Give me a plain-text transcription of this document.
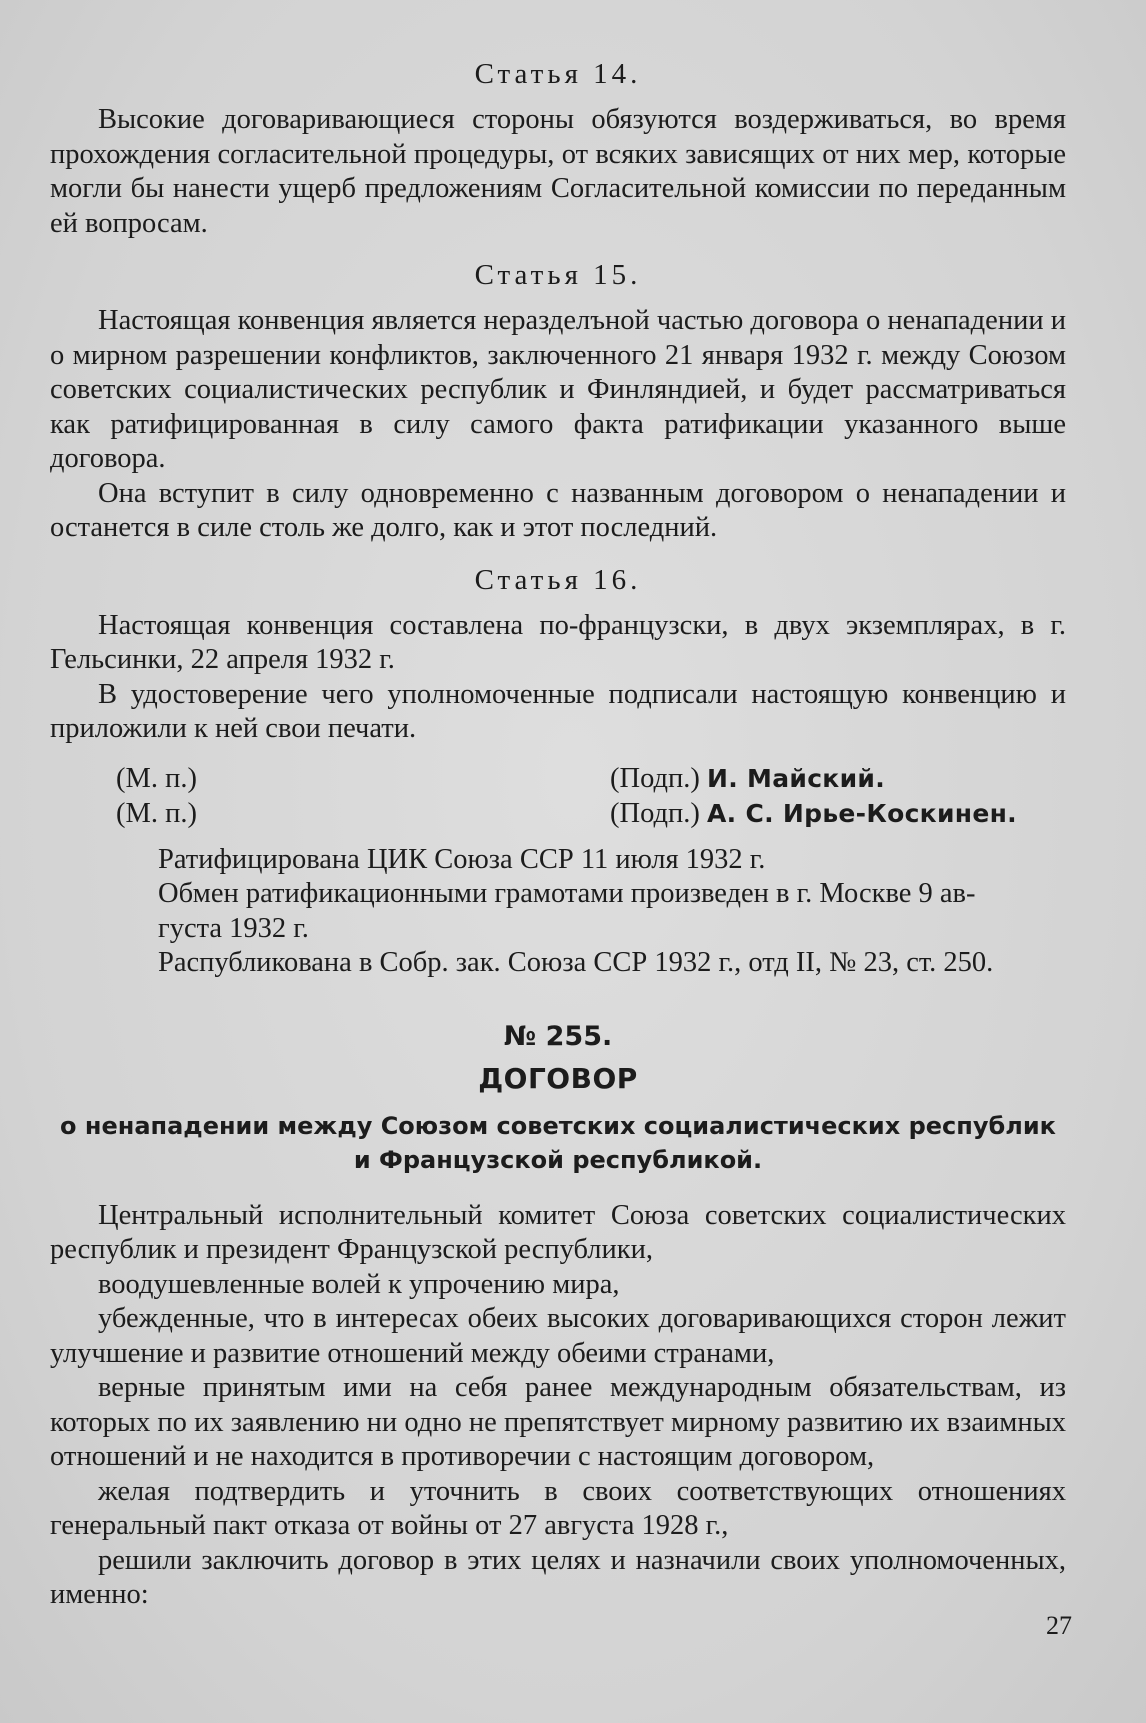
Статья 14.

Высокие договаривающиеся стороны обязуются воздерживаться, во время прохождения согласительной процедуры, от всяких зависящих от них мер, которые могли бы нанести ущерб предложениям Согласительной комиссии по переданным ей вопросам.

Статья 15.

Настоящая конвенция является неразделъной частью договора о ненападении и о мирном разрешении конфликтов, заключенного 21 января 1932 г. между Союзом советских социалистических республик и Финляндией, и будет рассматриваться как ратифицированная в силу самого факта ратификации указанного выше договора.

Она вступит в силу одновременно с названным договором о ненападении и останется в силе столь же долго, как и этот последний.

Статья 16.

Настоящая конвенция составлена по-французски, в двух экземплярах, в г. Гельсинки, 22 апреля 1932 г.

В удостоверение чего уполномоченные подписали настоящую конвенцию и приложили к ней свои печати.

(М. п.)	(Подп.) И. Майский.
(М. п.)	(Подп.) А. С. Ирье-Коскинен.
Ратифицирована ЦИК Союза ССР 11 июля 1932 г.
Обмен ратификационными грамотами произведен в г. Москве 9 ав-
густа 1932 г.
Распубликована в Собр. зак. Союза ССР 1932 г., отд II, № 23, ст. 250.
№ 255.
ДОГОВОР
о ненападении между Союзом советских социалистических республик и Французской республикой.

Центральный исполнительный комитет Союза советских социалистических республик и президент Французской республики,

воодушевленные волей к упрочению мира,

убежденные, что в интересах обеих высоких договаривающихся сторон лежит улучшение и развитие отношений между обеими странами,

верные принятым ими на себя ранее международным обязательствам, из которых по их заявлению ни одно не препятствует мирному развитию их взаимных отношений и не находится в противоречии с настоящим договором,

желая подтвердить и уточнить в своих соответствующих отношениях генеральный пакт отказа от войны от 27 августа 1928 г.,

решили заключить договор в этих целях и назначили своих уполномоченных, именно:

27
